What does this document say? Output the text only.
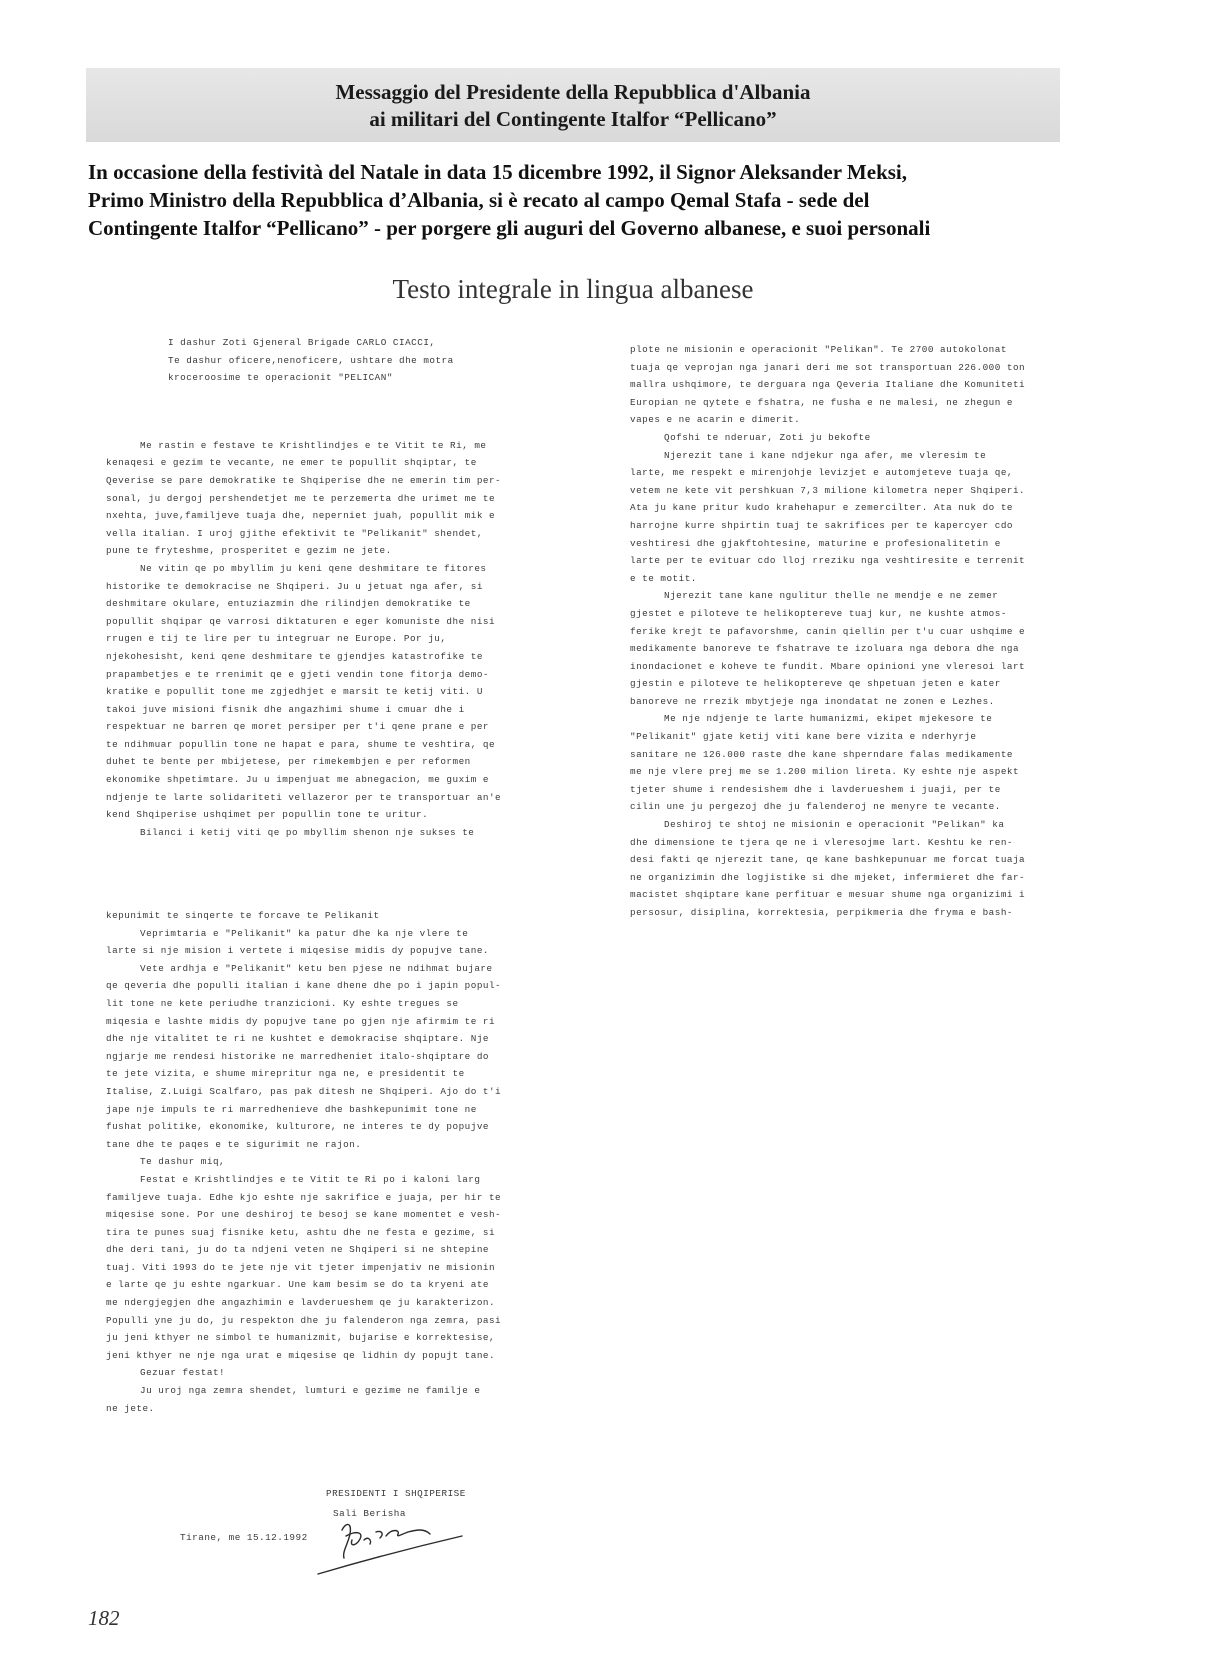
Messaggio del Presidente della Repubblica d'Albania
ai militari del Contingente Italfor “Pellicano”
In occasione della festività del Natale in data 15 dicembre 1992, il Signor Aleksander Meksi,
Primo Ministro della Repubblica d’Albania, si è recato al campo Qemal Stafa - sede del
Contingente Italfor “Pellicano” - per porgere gli auguri del Governo albanese, e suoi personali
Testo integrale in lingua albanese
I dashur Zoti Gjeneral Brigade CARLO CIACCI,
Te dashur oficere,nenoficere, ushtare dhe motra
kroceroosime te operacionit "PELICAN"
Me rastin e festave te Krishtlindjes e te Vitit te Ri, me
kenaqesi e gezim te vecante, ne emer te popullit shqiptar, te
Qeverise se pare demokratike te Shqiperise dhe ne emerin tim per-
sonal, ju dergoj pershendetjet me te perzemerta dhe urimet me te
nxehta, juve,familjeve tuaja dhe, neperniet juah, popullit mik e
vella italian. I uroj gjithe efektivit te "Pelikanit" shendet,
pune te fryteshme, prosperitet e gezim ne jete.
Ne vitin qe po mbyllim ju keni qene deshmitare te fitores
historike te demokracise ne Shqiperi. Ju u jetuat nga afer, si
deshmitare okulare, entuziazmin dhe rilindjen demokratike te
popullit shqipar qe varrosi diktaturen e eger komuniste dhe nisi
rrugen e tij te lire per tu integruar ne Europe. Por ju,
njekohesisht, keni qene deshmitare te gjendjes katastrofike te
prapambetjes e te rrenimit qe e gjeti vendin tone fitorja demo-
kratike e popullit tone me zgjedhjet e marsit te ketij viti. U
takoi juve misioni fisnik dhe angazhimi shume i cmuar dhe i
respektuar ne barren qe moret persiper per t'i qene prane e per
te ndihmuar popullin tone ne hapat e para, shume te veshtira, qe
duhet te bente per mbijetese, per rimekembjen e per reformen
ekonomike shpetimtare. Ju u impenjuat me abnegacion, me guxim e
ndjenje te larte solidariteti vellazeror per te transportuar an'e
kend Shqiperise ushqimet per popullin tone te uritur.
Bilanci i ketij viti qe po mbyllim shenon nje sukses te
kepunimit te sinqerte te forcave te Pelikanit
Veprimtaria e "Pelikanit" ka patur dhe ka nje vlere te
larte si nje mision i vertete i miqesise midis dy popujve tane.
Vete ardhja e "Pelikanit" ketu ben pjese ne ndihmat bujare
qe qeveria dhe populli italian i kane dhene dhe po i japin popul-
lit tone ne kete periudhe tranzicioni. Ky eshte tregues se
miqesia e lashte midis dy popujve tane po gjen nje afirmim te ri
dhe nje vitalitet te ri ne kushtet e demokracise shqiptare. Nje
ngjarje me rendesi historike ne marredheniet italo-shqiptare do
te jete vizita, e shume mirepritur nga ne, e presidentit te
Italise, Z.Luigi Scalfaro, pas pak ditesh ne Shqiperi. Ajo do t'i
jape nje impuls te ri marredhenieve dhe bashkepunimit tone ne
fushat politike, ekonomike, kulturore, ne interes te dy popujve
tane dhe te paqes e te sigurimit ne rajon.
Te dashur miq,
Festat e Krishtlindjes e te Vitit te Ri po i kaloni larg
familjeve tuaja. Edhe kjo eshte nje sakrifice e juaja, per hir te
miqesise sone. Por une deshiroj te besoj se kane momentet e vesh-
tira te punes suaj fisnike ketu, ashtu dhe ne festa e gezime, si
dhe deri tani, ju do ta ndjeni veten ne Shqiperi si ne shtepine
tuaj. Viti 1993 do te jete nje vit tjeter impenjativ ne misionin
e larte qe ju eshte ngarkuar. Une kam besim se do ta kryeni ate
me ndergjegjen dhe angazhimin e lavderueshem qe ju karakterizon.
Populli yne ju do, ju respekton dhe ju falenderon nga zemra, pasi
ju jeni kthyer ne simbol te humanizmit, bujarise e korrektesise,
jeni kthyer ne nje nga urat e miqesise qe lidhin dy popujt tane.
Gezuar festat!
Ju uroj nga zemra shendet, lumturi e gezime ne familje e
ne jete.
plote ne misionin e operacionit "Pelikan". Te 2700 autokolonat
tuaja qe veprojan nga janari deri me sot transportuan 226.000 ton
mallra ushqimore, te derguara nga Qeveria Italiane dhe Komuniteti
Europian ne qytete e fshatra, ne fusha e ne malesi, ne zhegun e
vapes e ne acarin e dimerit.
Qofshi te nderuar, Zoti ju bekofte
Njerezit tane i kane ndjekur nga afer, me vleresim te
larte, me respekt e mirenjohje levizjet e automjeteve tuaja qe,
vetem ne kete vit pershkuan 7,3 milione kilometra neper Shqiperi.
Ata ju kane pritur kudo krahehapur e zemercilter. Ata nuk do te
harrojne kurre shpirtin tuaj te sakrifices per te kapercyer cdo
veshtiresi dhe gjakftohtesine, maturine e profesionalitetin e
larte per te evituar cdo lloj rreziku nga veshtiresite e terrenit
e te motit.
Njerezit tane kane ngulitur thelle ne mendje e ne zemer
gjestet e piloteve te helikoptereve tuaj kur, ne kushte atmos-
ferike krejt te pafavorshme, canin qiellin per t'u cuar ushqime e
medikamente banoreve te fshatrave te izoluara nga debora dhe nga
inondacionet e koheve te fundit. Mbare opinioni yne vleresoi lart
gjestin e piloteve te helikoptereve qe shpetuan jeten e kater
banoreve ne rrezik mbytjeje nga inondatat ne zonen e Lezhes.
Me nje ndjenje te larte humanizmi, ekipet mjekesore te
"Pelikanit" gjate ketij viti kane bere vizita e nderhyrje
sanitare ne 126.000 raste dhe kane shperndare falas medikamente
me nje vlere prej me se 1.200 milion lireta. Ky eshte nje aspekt
tjeter shume i rendesishem dhe i lavderueshem i juaji, per te
cilin une ju pergezoj dhe ju falenderoj ne menyre te vecante.
Deshiroj te shtoj ne misionin e operacionit "Pelikan" ka
dhe dimensione te tjera qe ne i vleresojme lart. Keshtu ke ren-
desi fakti qe njerezit tane, qe kane bashkepunuar me forcat tuaja
ne organizimin dhe logjistike si dhe mjeket, infermieret dhe far-
macistet shqiptare kane perfituar e mesuar shume nga organizimi i
persosur, disiplina, korrektesia, perpikmeria dhe fryma e bash-
PRESIDENTI I SHQIPERISE
Sali Berisha
Tirane, me 15.12.1992
182
